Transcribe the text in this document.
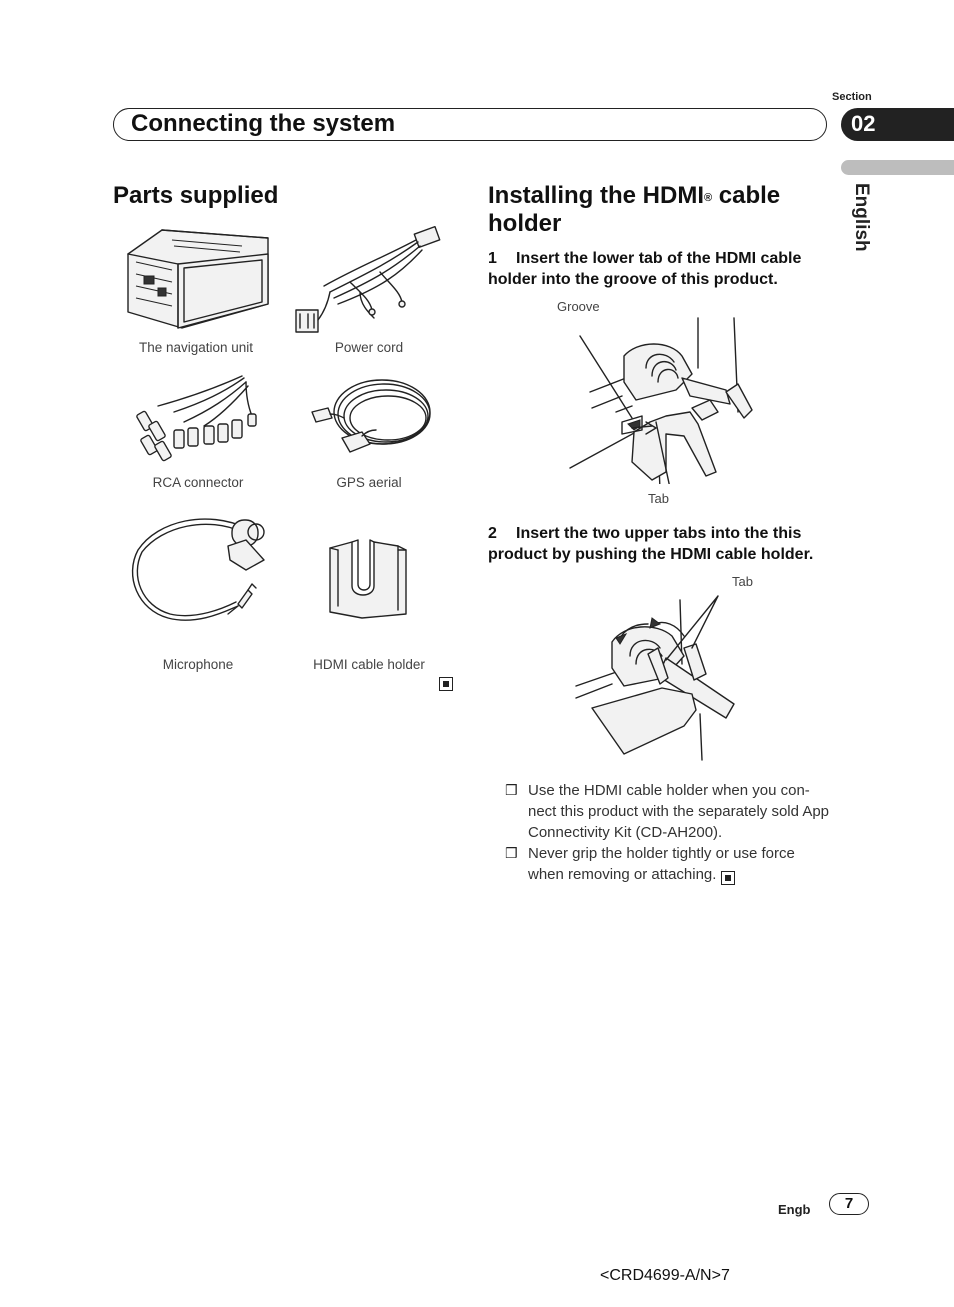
Section
Connecting the system	02
English
Parts supplied
The navigation unit	Power cord
RCA connector	GPS aerial
Microphone	HDMI cable holder
Installing the HDMI® cable holder
1 Insert the lower tab of the HDMI cable holder into the groove of this product.
Groove
Tab
2 Insert the two upper tabs into the this product by pushing the HDMI cable holder.
Tab
❒ Use the HDMI cable holder when you con- nect this product with the separately sold App Connectivity Kit (CD-AH200).
❒ Never grip the holder tightly or use force when removing or attaching.
Engb	7
<CRD4699-A/N>7
